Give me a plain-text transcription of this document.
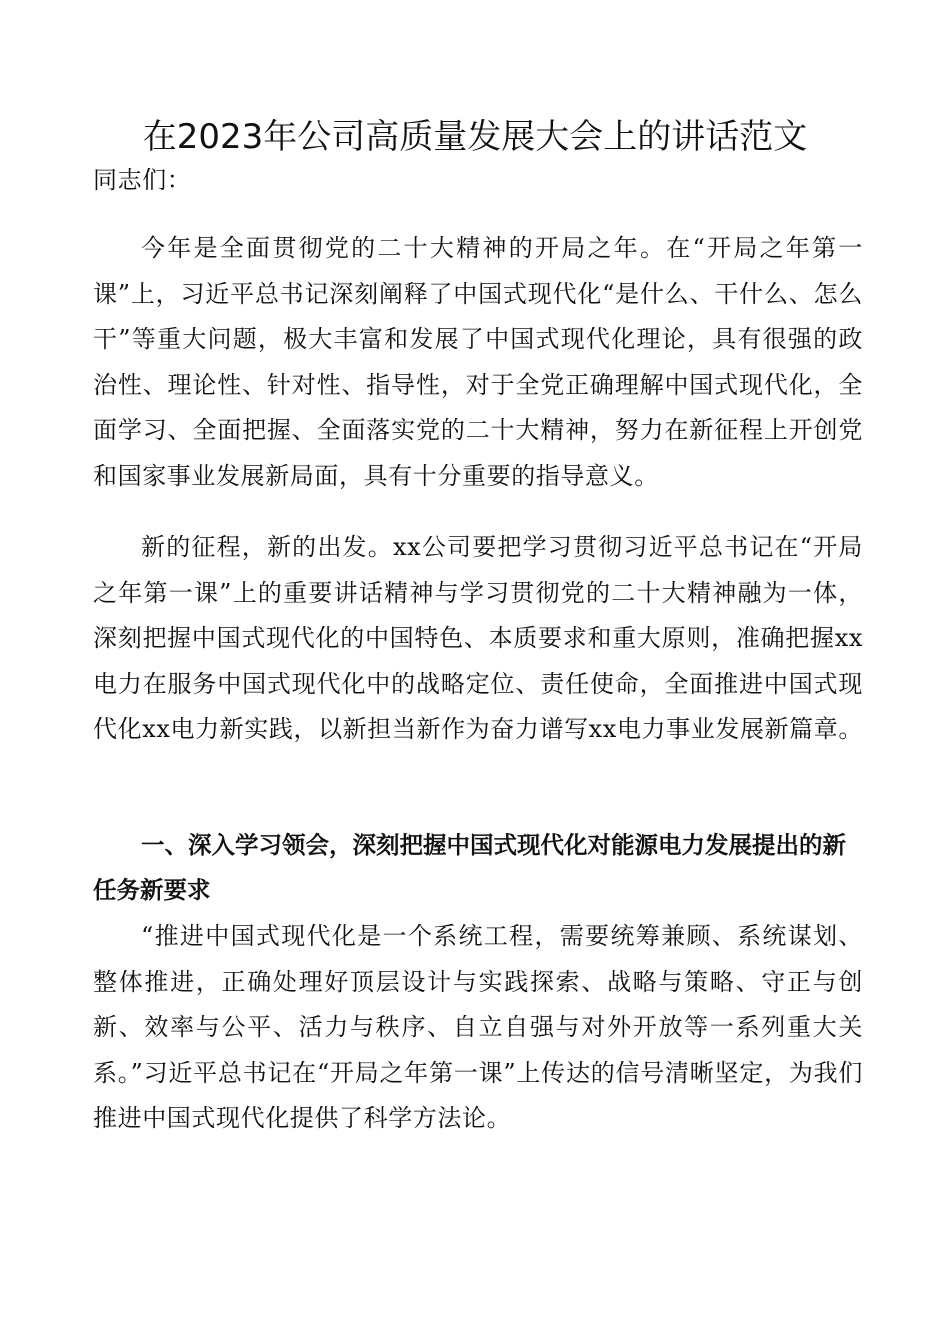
在2023年公司高质量发展大会上的讲话范文

同志们：

今年是全面贯彻党的二十大精神的开局之年。在“开局之年第一课”上，习近平总书记深刻阐释了中国式现代化“是什么、干什么、怎么干”等重大问题，极大丰富和发展了中国式现代化理论，具有很强的政治性、理论性、针对性、指导性，对于全党正确理解中国式现代化，全面学习、全面把握、全面落实党的二十大精神，努力在新征程上开创党和国家事业发展新局面，具有十分重要的指导意义。

新的征程，新的出发。xx公司要把学习贯彻习近平总书记在“开局之年第一课”上的重要讲话精神与学习贯彻党的二十大精神融为一体，深刻把握中国式现代化的中国特色、本质要求和重大原则，准确把握xx电力在服务中国式现代化中的战略定位、责任使命，全面推进中国式现代化xx电力新实践，以新担当新作为奋力谱写xx电力事业发展新篇章。

一、深入学习领会，深刻把握中国式现代化对能源电力发展提出的新任务新要求

“推进中国式现代化是一个系统工程，需要统筹兼顾、系统谋划、整体推进，正确处理好顶层设计与实践探索、战略与策略、守正与创新、效率与公平、活力与秩序、自立自强与对外开放等一系列重大关系。”习近平总书记在“开局之年第一课”上传达的信号清晰坚定，为我们推进中国式现代化提供了科学方法论。
